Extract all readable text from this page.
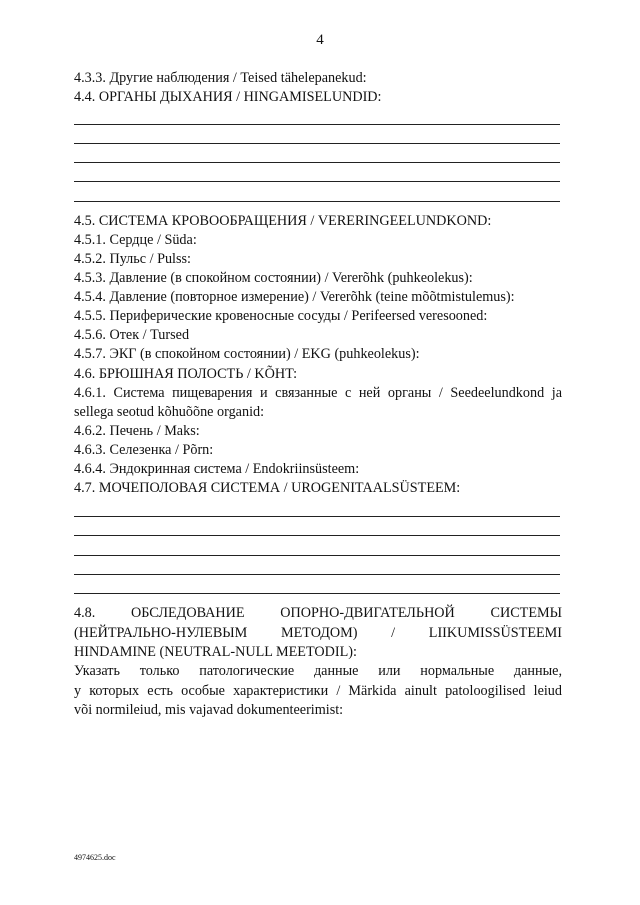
4
4.3.3. Другие наблюдения / Teised tähelepanekud:
4.4. ОРГАНЫ ДЫХАНИЯ / HINGAMISELUNDID:
4.5. СИСТЕМА КРОВООБРАЩЕНИЯ / VERERINGEELUNDKOND:
4.5.1. Сердце / Süda:
4.5.2. Пульс / Pulss:
4.5.3. Давление (в спокойном состоянии) / Vererõhk (puhkeolekus):
4.5.4. Давление (повторное измерение) / Vererõhk (teine mõõtmistulemus):
4.5.5. Периферические кровеносные сосуды / Perifeersed veresooned:
4.5.6. Отек / Tursed
4.5.7. ЭКГ (в спокойном состоянии) / EKG (puhkeolekus):
4.6. БРЮШНАЯ ПОЛОСТЬ / KÕHT:
4.6.1. Система пищеварения и связанные с ней органы / Seedeelundkond ja
sellega seotud kõhuõõne organid:
4.6.2. Печень / Maks:
4.6.3. Селезенка / Põrn:
4.6.4. Эндокринная система / Endokriinsüsteem:
4.7. МОЧЕПОЛОВАЯ СИСТЕМА / UROGENITAALSÜSTEEM:
4.8. ОБСЛЕДОВАНИЕ ОПОРНО-ДВИГАТЕЛЬНОЙ СИСТЕМЫ
(НЕЙТРАЛЬНО-НУЛЕВЫМ МЕТОДОМ) / LIIKUMISSÜSTEEMI
HINDAMINE (NEUTRAL-NULL MEETODIL):
Указать только патологические данные или нормальные данные,
у которых есть особые характеристики / Märkida ainult patoloogilised leiud
või normileiud, mis vajavad dokumenteerimist:
4974625.doc
